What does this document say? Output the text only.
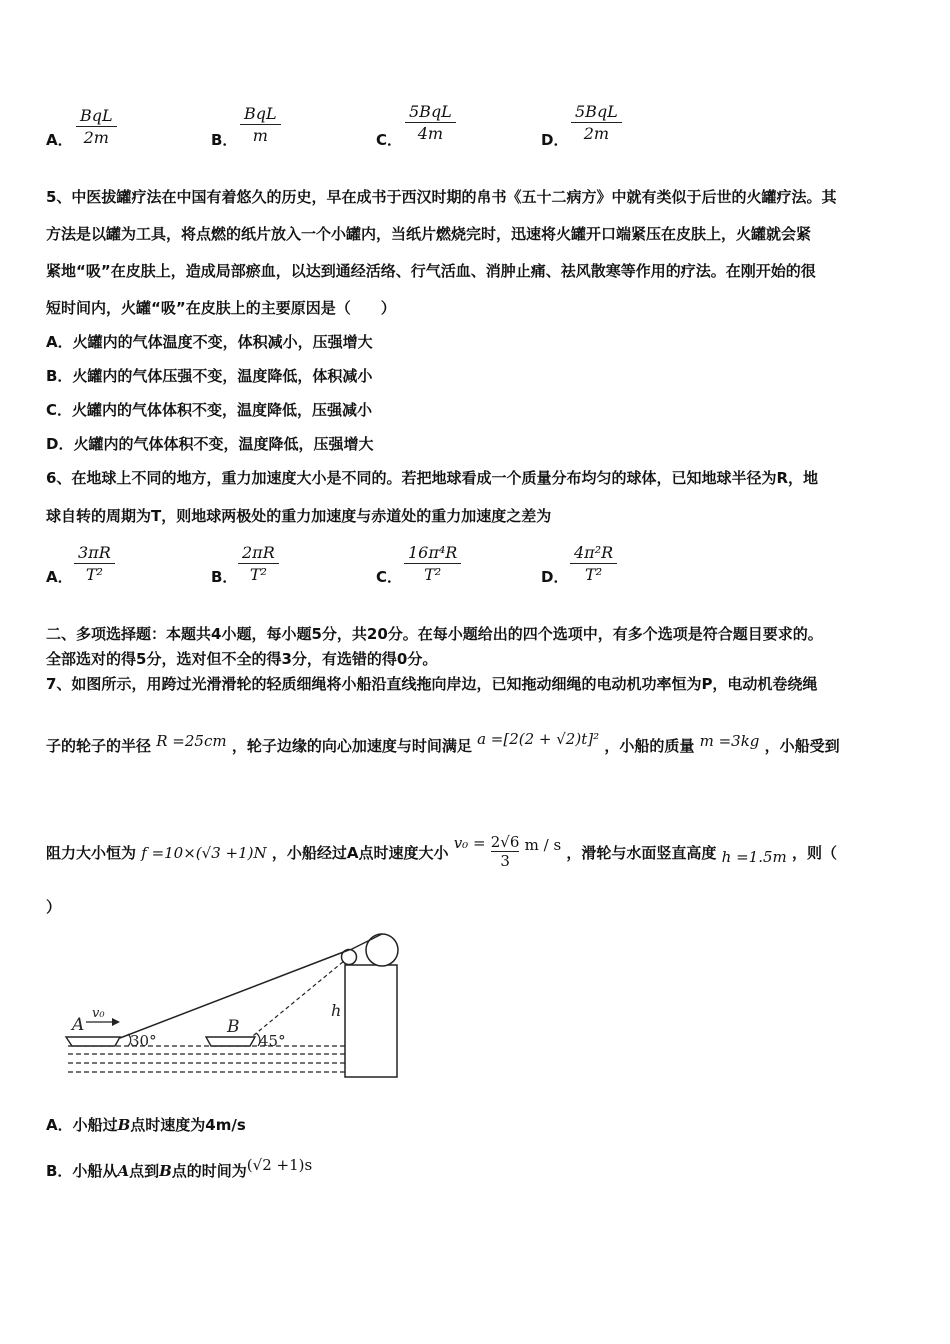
A．
BqL
2m	B．
BqL
m	C．
5BqL
4m	D．
5BqL
2m
5、中医拔罐疗法在中国有着悠久的历史，早在成书于西汉时期的帛书《五十二病方》中就有类似于后世的火罐疗法。其
方法是以罐为工具，将点燃的纸片放入一个小罐内，当纸片燃烧完时，迅速将火罐开口端紧压在皮肤上，火罐就会紧
紧地“吸”在皮肤上，造成局部瘀血，以达到通经活络、行气活血、消肿止痛、祛风散寒等作用的疗法。在刚开始的很
短时间内，火罐“吸”在皮肤上的主要原因是（　　）
A．火罐内的气体温度不变，体积减小，压强增大
B．火罐内的气体压强不变，温度降低，体积减小
C．火罐内的气体体积不变，温度降低，压强减小
D．火罐内的气体体积不变，温度降低，压强增大
6、在地球上不同的地方，重力加速度大小是不同的。若把地球看成一个质量分布均匀的球体，已知地球半径为R，地
球自转的周期为T，则地球两极处的重力加速度与赤道处的重力加速度之差为
A． $\frac{3\pi R}{\text{T²}}$	B． $\frac{2\pi R}{\text{T²}}$	C． $\frac{\text{16π⁴R}}{\text{T²}}$	D． $\frac{\text{4π²R}}{\text{T²}}$
二、多项选择题：本题共4小题，每小题5分，共20分。在每小题给出的四个选项中，有多个选项是符合题目要求的。
全部选对的得5分，选对但不全的得3分，有选错的得0分。
7、如图所示，用跨过光滑滑轮的轻质细绳将小船沿直线拖向岸边，已知拖动细绳的电动机功率恒为P，电动机卷绕绳
子的轮子的半径 R =25cm ，轮子边缘的向心加速度与时间满足 a =[2(2 + √2)t]² ，小船的质量 m =3kg ，小船受到
阻力大小恒为 f =10×(√3 +1)N ，小船经过A点时速度大小 $v_0 = \frac{2√6}{3}$ m / s ，滑轮与水面竖直高度 h =1.5m ，则（
）
A
v₀
B
30°	45°
h
A．小船过B点时速度为4m/s
B．小船从A点到B点的时间为(√2 +1)s
